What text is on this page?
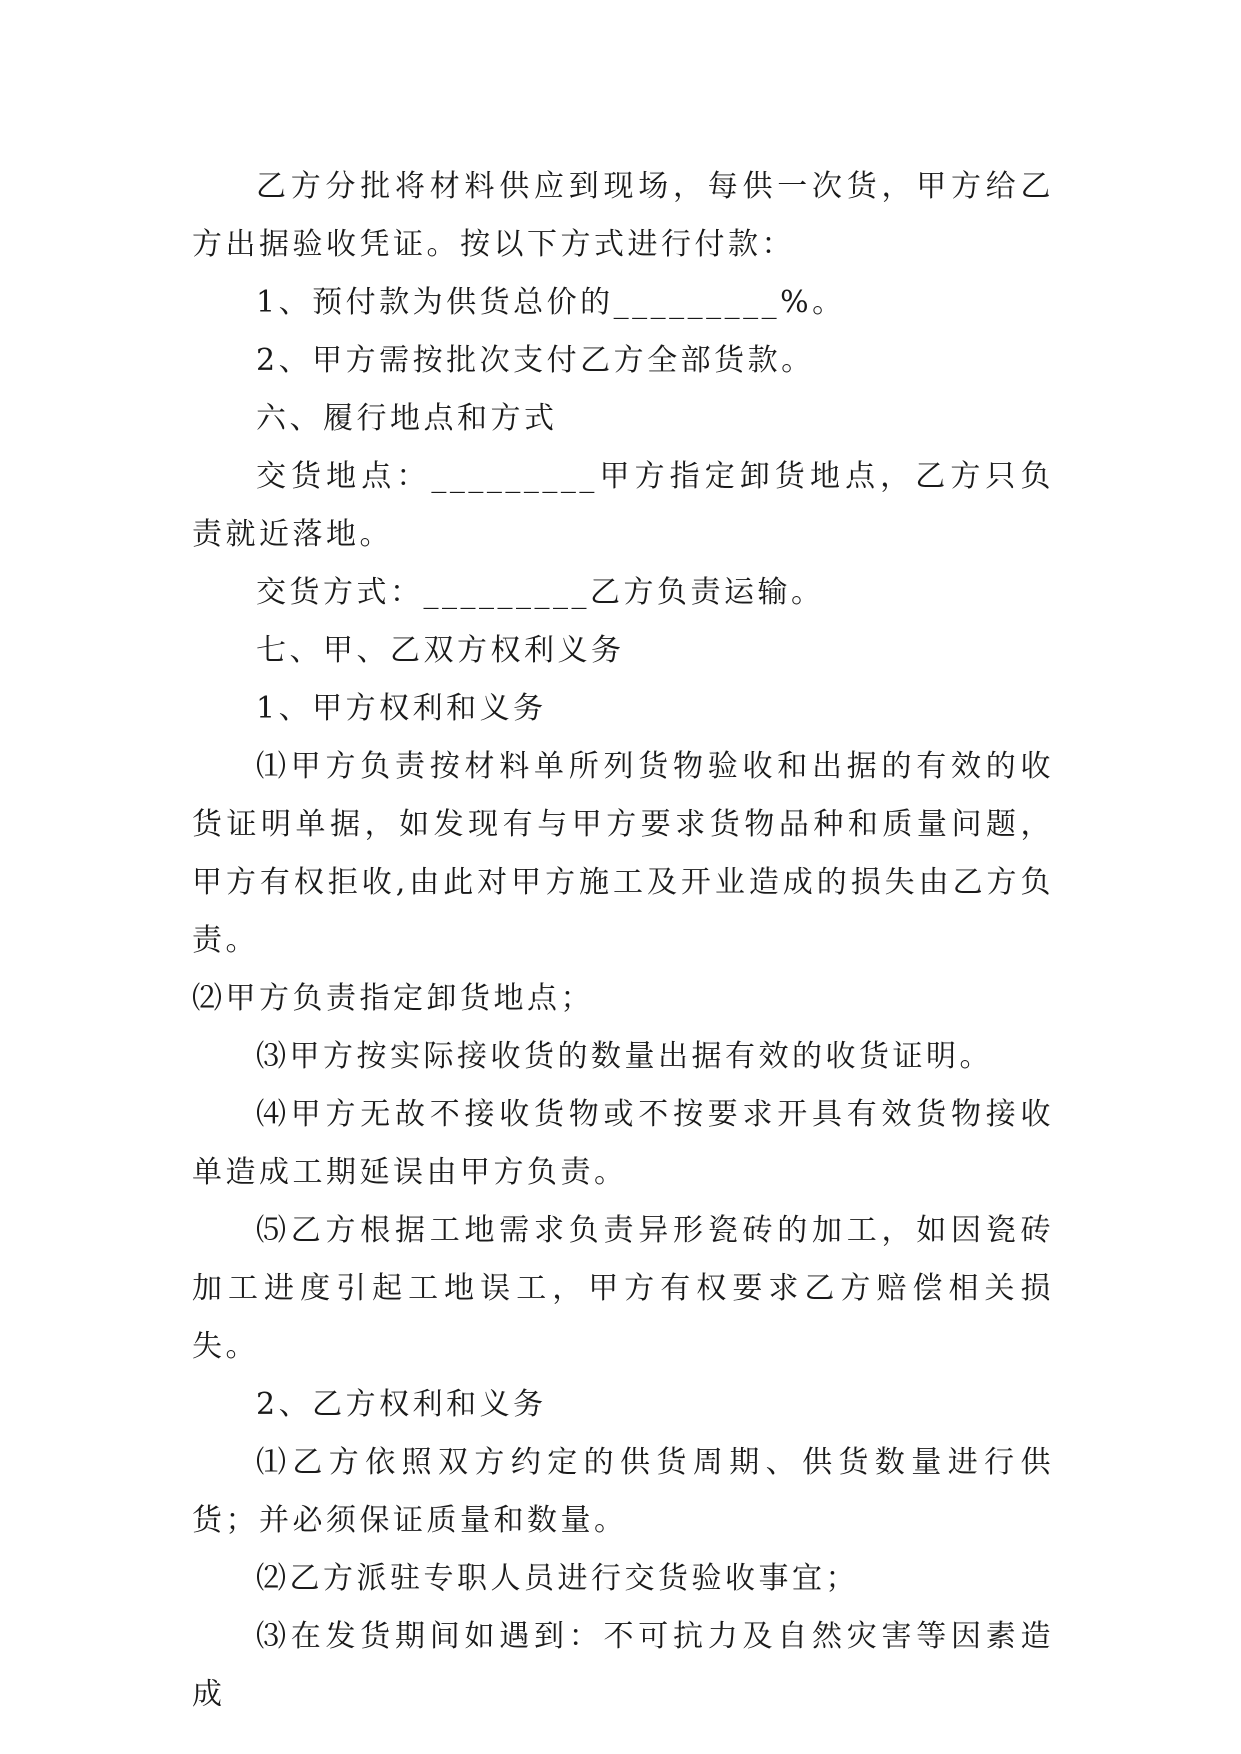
乙方分批将材料供应到现场，每供一次货，甲方给乙方出据验收凭证。按以下方式进行付款：

1、预付款为供货总价的_________%。

2、甲方需按批次支付乙方全部货款。

六、履行地点和方式

交货地点：_________甲方指定卸货地点，乙方只负责就近落地。

交货方式：_________乙方负责运输。

七、甲、乙双方权利义务

1、甲方权利和义务

⑴甲方负责按材料单所列货物验收和出据的有效的收货证明单据，如发现有与甲方要求货物品种和质量问题，甲方有权拒收,由此对甲方施工及开业造成的损失由乙方负责。

⑵甲方负责指定卸货地点；

⑶甲方按实际接收货的数量出据有效的收货证明。

⑷甲方无故不接收货物或不按要求开具有效货物接收单造成工期延误由甲方负责。

⑸乙方根据工地需求负责异形瓷砖的加工，如因瓷砖加工进度引起工地误工，甲方有权要求乙方赔偿相关损失。

2、乙方权利和义务

⑴乙方依照双方约定的供货周期、供货数量进行供货；并必须保证质量和数量。

⑵乙方派驻专职人员进行交货验收事宜；

⑶在发货期间如遇到：不可抗力及自然灾害等因素造成
